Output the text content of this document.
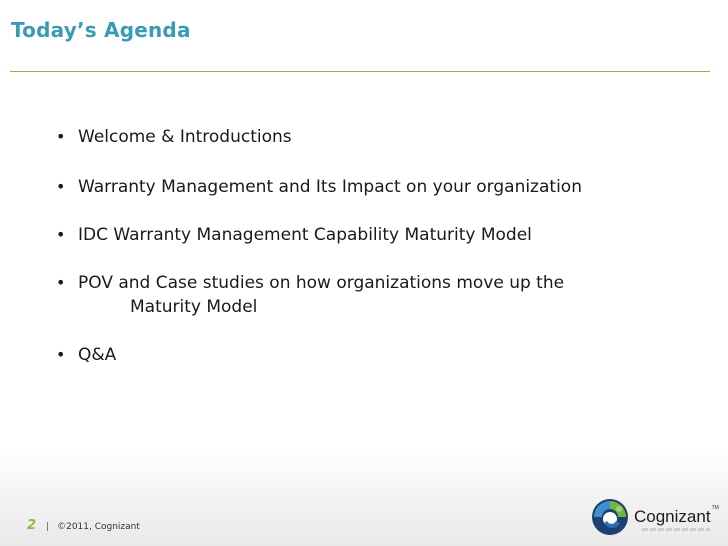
Today’s Agenda
• Welcome & Introductions
• Warranty Management and Its Impact on your organization
• IDC Warranty Management Capability Maturity Model
• POV and Case studies on how organizations move up the
Maturity Model
• Q&A
2 | ©2011, Cognizant
Cognizant TM
